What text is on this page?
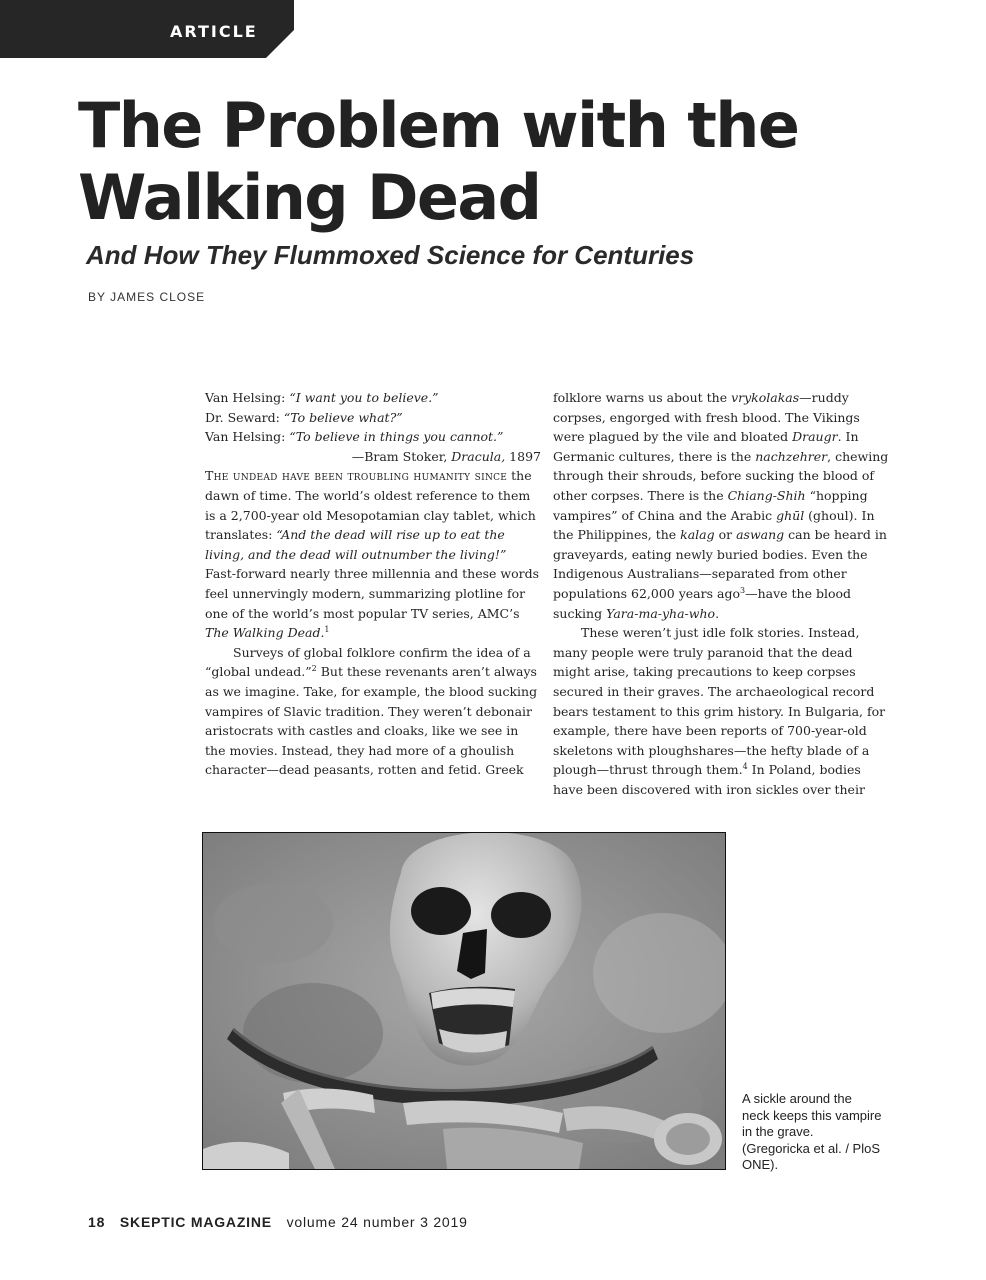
ARTICLE
The Problem with the
Walking Dead
And How They Flummoxed Science for Centuries
BY JAMES CLOSE
Van Helsing: “I want you to believe.”
Dr. Seward: “To believe what?”
Van Helsing: “To believe in things you cannot.”
—Bram Stoker, Dracula, 1897

The undead have been troubling humanity since the dawn of time. The world’s oldest reference to them is a 2,700-year old Mesopotamian clay tablet, which translates: “And the dead will rise up to eat the living, and the dead will outnumber the living!” Fast-forward nearly three millennia and these words feel unnervingly modern, summarizing plotline for one of the world’s most popular TV series, AMC’s The Walking Dead.$^1$

Surveys of global folklore confirm the idea of a “global undead.”$^2$ But these revenants aren’t always as we imagine. Take, for example, the blood sucking vampires of Slavic tradition. They weren’t debonair aristocrats with castles and cloaks, like we see in the movies. Instead, they had more of a ghoulish character—dead peasants, rotten and fetid. Greek

folklore warns us about the vrykolakas—ruddy corpses, engorged with fresh blood. The Vikings were plagued by the vile and bloated Draugr. In Germanic cultures, there is the nachzehrer, chewing through their shrouds, before sucking the blood of other corpses. There is the Chiang-Shih “hopping vampires” of China and the Arabic ghūl (ghoul). In the Philippines, the kalag or aswang can be heard in graveyards, eating newly buried bodies. Even the Indigenous Australians—separated from other populations 62,000 years ago$^3$—have the blood sucking Yara-ma-yha-who.

These weren’t just idle folk stories. Instead, many people were truly paranoid that the dead might arise, taking precautions to keep corpses secured in their graves. The archaeological record bears testament to this grim history. In Bulgaria, for example, there have been reports of 700-year-old skeletons with ploughshares—the hefty blade of a plough—thrust through them.$^4$ In Poland, bodies have been discovered with iron sickles over their

A sickle around the neck keeps this vampire in the grave. (Gregoricka et al. / PloS ONE).
18 SKEPTIC MAGAZINE volume 24 number 3 2019
